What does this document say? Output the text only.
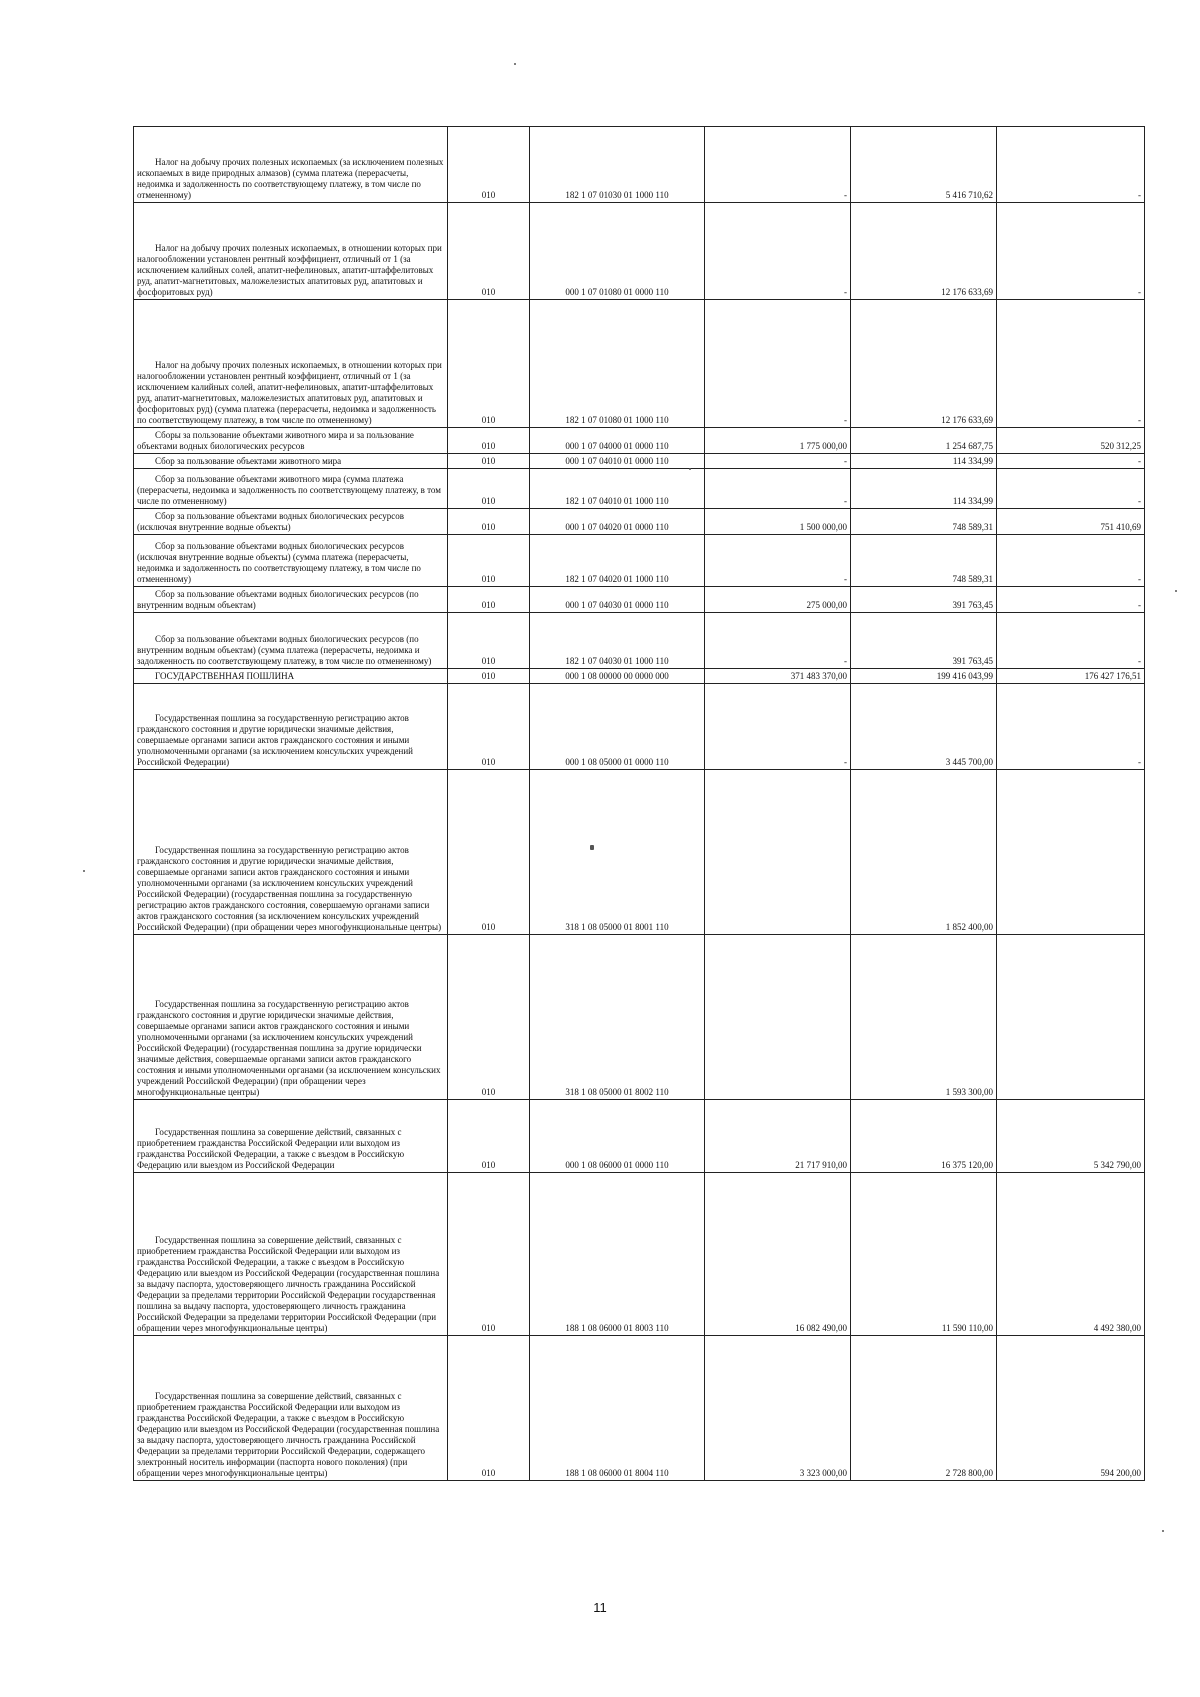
Налог на добычу прочих полезных ископаемых (за исключением полезных ископаемых в виде природных алмазов) (сумма платежа (перерасчеты, недоимка и задолженность по соответствующему платежу, в том числе по отмененному)	010	182 1 07 01030 01 1000 110	-	5 416 710,62	-
Налог на добычу прочих полезных ископаемых, в отношении которых при налогообложении установлен рентный коэффициент, отличный от 1 (за исключением калийных солей, апатит-нефелиновых, апатит-штаффелитовых руд, апатит-магнетитовых, маложелезистых апатитовых руд, апатитовых и фосфоритовых руд)	010	000 1 07 01080 01 0000 110	-	12 176 633,69	-
Налог на добычу прочих полезных ископаемых, в отношении которых при налогообложении установлен рентный коэффициент, отличный от 1 (за исключением калийных солей, апатит-нефелиновых, апатит-штаффелитовых руд, апатит-магнетитовых, маложелезистых апатитовых руд, апатитовых и фосфоритовых руд) (сумма платежа (перерасчеты, недоимка и задолженность по соответствующему платежу, в том числе по отмененному)	010	182 1 07 01080 01 1000 110	-	12 176 633,69	-
Сборы за пользование объектами животного мира и за пользование объектами водных биологических ресурсов	010	000 1 07 04000 01 0000 110	1 775 000,00	1 254 687,75	520 312,25
Сбор за пользование объектами животного мира	010	000 1 07 04010 01 0000 110	-	114 334,99	-
Сбор за пользование объектами животного мира (сумма платежа (перерасчеты, недоимка и задолженность по соответствующему платежу, в том числе по отмененному)	010	182 1 07 04010 01 1000 110	-	114 334,99	-
Сбор за пользование объектами водных биологических ресурсов (исключая внутренние водные объекты)	010	000 1 07 04020 01 0000 110	1 500 000,00	748 589,31	751 410,69
Сбор за пользование объектами водных биологических ресурсов (исключая внутренние водные объекты) (сумма платежа (перерасчеты, недоимка и задолженность по соответствующему платежу, в том числе по отмененному)	010	182 1 07 04020 01 1000 110	-	748 589,31	-
Сбор за пользование объектами водных биологических ресурсов (по внутренним водным объектам)	010	000 1 07 04030 01 0000 110	275 000,00	391 763,45	-
Сбор за пользование объектами водных биологических ресурсов (по внутренним водным объектам) (сумма платежа (перерасчеты, недоимка и задолженность по соответствующему платежу, в том числе по отмененному)	010	182 1 07 04030 01 1000 110	-	391 763,45	-
ГОСУДАРСТВЕННАЯ ПОШЛИНА	010	000 1 08 00000 00 0000 000	371 483 370,00	199 416 043,99	176 427 176,51
Государственная пошлина за государственную регистрацию актов гражданского состояния и другие юридически значимые действия, совершаемые органами записи актов гражданского состояния и иными уполномоченными органами (за исключением консульских учреждений Российской Федерации)	010	000 1 08 05000 01 0000 110	-	3 445 700,00	-
Государственная пошлина за государственную регистрацию актов гражданского состояния и другие юридически значимые действия, совершаемые органами записи актов гражданского состояния и иными уполномоченными органами (за исключением консульских учреждений Российской Федерации) (государственная пошлина за государственную регистрацию актов гражданского состояния, совершаемую органами записи актов гражданского состояния (за исключением консульских учреждений Российской Федерации) (при обращении через многофункциональные центры)	010	318 1 08 05000 01 8001 110		1 852 400,00	
Государственная пошлина за государственную регистрацию актов гражданского состояния и другие юридически значимые действия, совершаемые органами записи актов гражданского состояния и иными уполномоченными органами (за исключением консульских учреждений Российской Федерации) (государственная пошлина за другие юридически значимые действия, совершаемые органами записи актов гражданского состояния и иными уполномоченными органами (за исключением консульских учреждений Российской Федерации) (при обращении через многофункциональные центры)	010	318 1 08 05000 01 8002 110		1 593 300,00	
Государственная пошлина за совершение действий, связанных с приобретением гражданства Российской Федерации или выходом из гражданства Российской Федерации, а также с въездом в Российскую Федерацию или выездом из Российской Федерации	010	000 1 08 06000 01 0000 110	21 717 910,00	16 375 120,00	5 342 790,00
Государственная пошлина за совершение действий, связанных с приобретением гражданства Российской Федерации или выходом из гражданства Российской Федерации, а также с въездом в Российскую Федерацию или выездом из Российской Федерации (государственная пошлина за выдачу паспорта, удостоверяющего личность гражданина Российской Федерации за пределами территории Российской Федерации государственная пошлина за выдачу паспорта, удостоверяющего личность гражданина Российской Федерации за пределами территории Российской Федерации (при обращении через многофункциональные центры)	010	188 1 08 06000 01 8003 110	16 082 490,00	11 590 110,00	4 492 380,00
Государственная пошлина за совершение действий, связанных с приобретением гражданства Российской Федерации или выходом из гражданства Российской Федерации, а также с въездом в Российскую Федерацию или выездом из Российской Федерации (государственная пошлина за выдачу паспорта, удостоверяющего личность гражданина Российской Федерации за пределами территории Российской Федерации, содержащего электронный носитель информации (паспорта нового поколения) (при обращении через многофункциональные центры)	010	188 1 08 06000 01 8004 110	3 323 000,00	2 728 800,00	594 200,00
11
